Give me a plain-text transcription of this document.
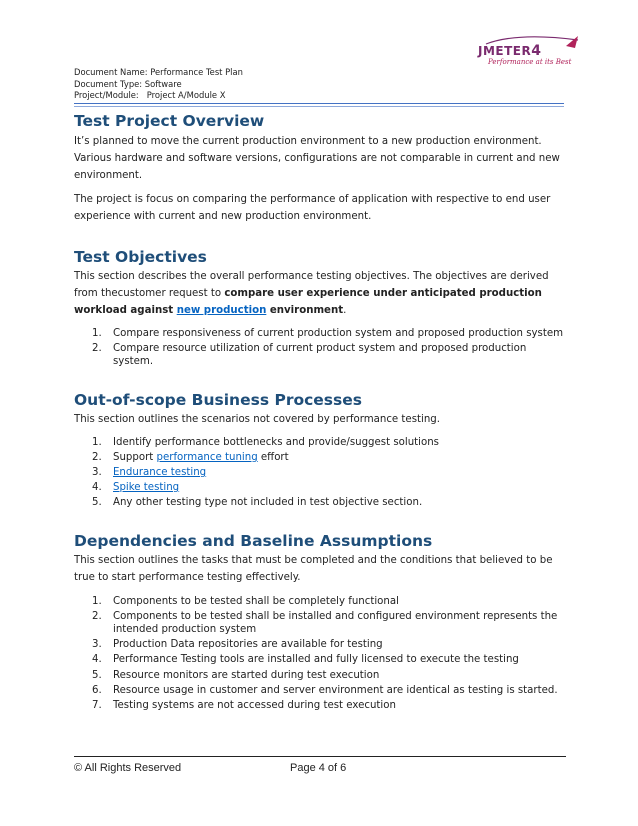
Document Name: Performance Test Plan
Document Type: Software
Project/Module:   Project A/Module X
JMETER4
Performance at its Best
Test Project Overview

It’s planned to move the current production environment to a new production environment. Various hardware and software versions, configurations are not comparable in current and new environment.

The project is focus on comparing the performance of application with respective to end user experience with current and new production environment.

Test Objectives

This section describes the overall performance testing objectives. The objectives are derived from thecustomer request to compare user experience under anticipated production workload against new production environment.

1. Compare responsiveness of current production system and proposed production system
2. Compare resource utilization of current product system and proposed production system.
Out-of-scope Business Processes

This section outlines the scenarios not covered by performance testing.

1. Identify performance bottlenecks and provide/suggest solutions
2. Support performance tuning effort
3. Endurance testing
4. Spike testing
5. Any other testing type not included in test objective section.
Dependencies and Baseline Assumptions

This section outlines the tasks that must be completed and the conditions that believed to be true to start performance testing effectively.

1. Components to be tested shall be completely functional
2. Components to be tested shall be installed and configured environment represents the intended production system
3. Production Data repositories are available for testing
4. Performance Testing tools are installed and fully licensed to execute the testing
5. Resource monitors are started during test execution
6. Resource usage in customer and server environment are identical as testing is started.
7. Testing systems are not accessed during test execution
© All Rights Reserved	Page 4 of 6
